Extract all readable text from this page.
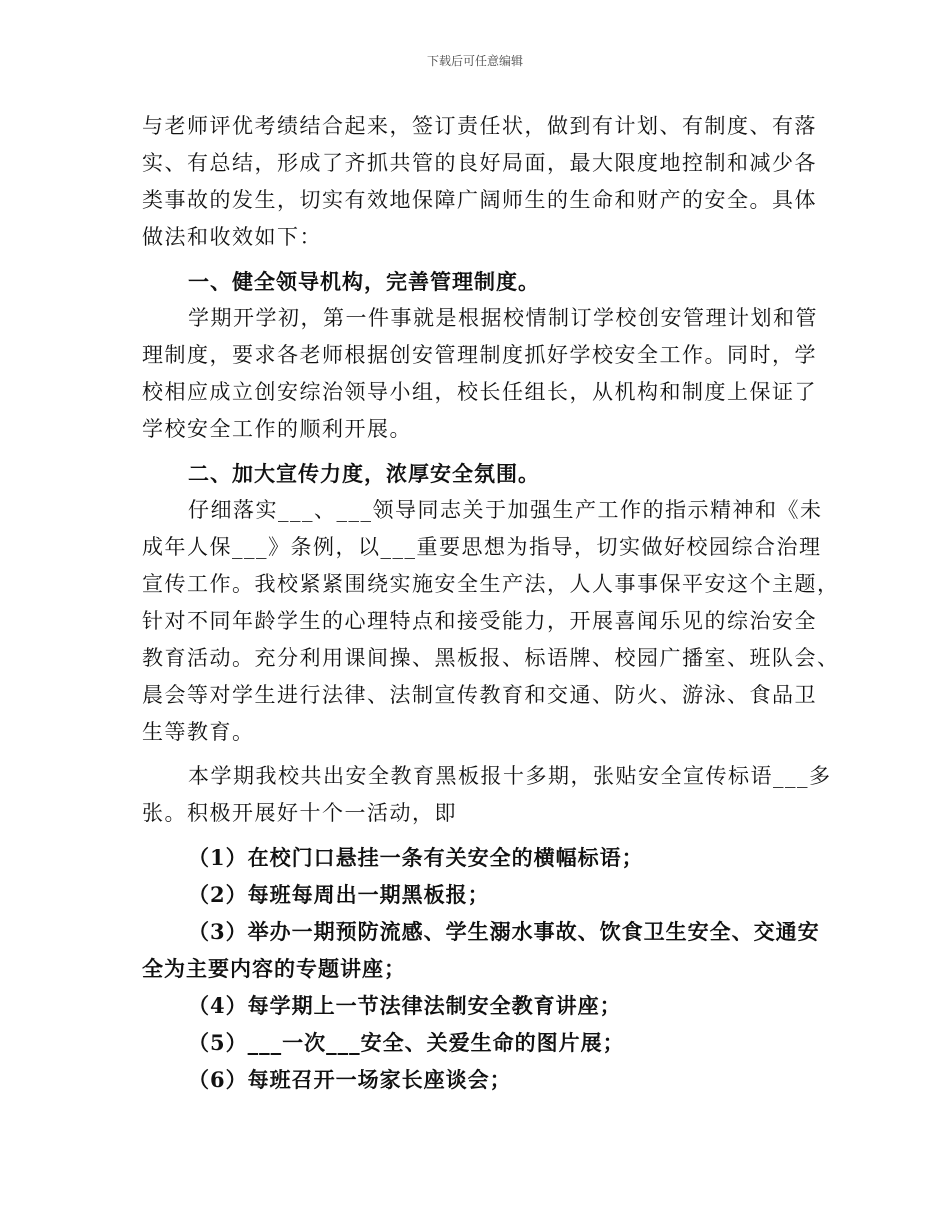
下载后可任意编辑
与老师评优考绩结合起来，签订责任状，做到有计划、有制度、有落
实、有总结，形成了齐抓共管的良好局面，最大限度地控制和减少各
类事故的发生，切实有效地保障广阔师生的生命和财产的安全。具体
做法和收效如下：
一、健全领导机构，完善管理制度。
学期开学初，第一件事就是根据校情制订学校创安管理计划和管
理制度，要求各老师根据创安管理制度抓好学校安全工作。同时，学
校相应成立创安综治领导小组，校长任组长，从机构和制度上保证了
学校安全工作的顺利开展。
二、加大宣传力度，浓厚安全氛围。
仔细落实___、___领导同志关于加强生产工作的指示精神和《未
成年人保___》条例，以___重要思想为指导，切实做好校园综合治理
宣传工作。我校紧紧围绕实施安全生产法，人人事事保平安这个主题，
针对不同年龄学生的心理特点和接受能力，开展喜闻乐见的综治安全
教育活动。充分利用课间操、黑板报、标语牌、校园广播室、班队会、
晨会等对学生进行法律、法制宣传教育和交通、防火、游泳、食品卫
生等教育。
本学期我校共出安全教育黑板报十多期，张贴安全宣传标语___多
张。积极开展好十个一活动，即
（1）在校门口悬挂一条有关安全的横幅标语；
（2）每班每周出一期黑板报；
（3）举办一期预防流感、学生溺水事故、饮食卫生安全、交通安
全为主要内容的专题讲座；
（4）每学期上一节法律法制安全教育讲座；
（5）___一次___安全、关爱生命的图片展；
（6）每班召开一场家长座谈会；
